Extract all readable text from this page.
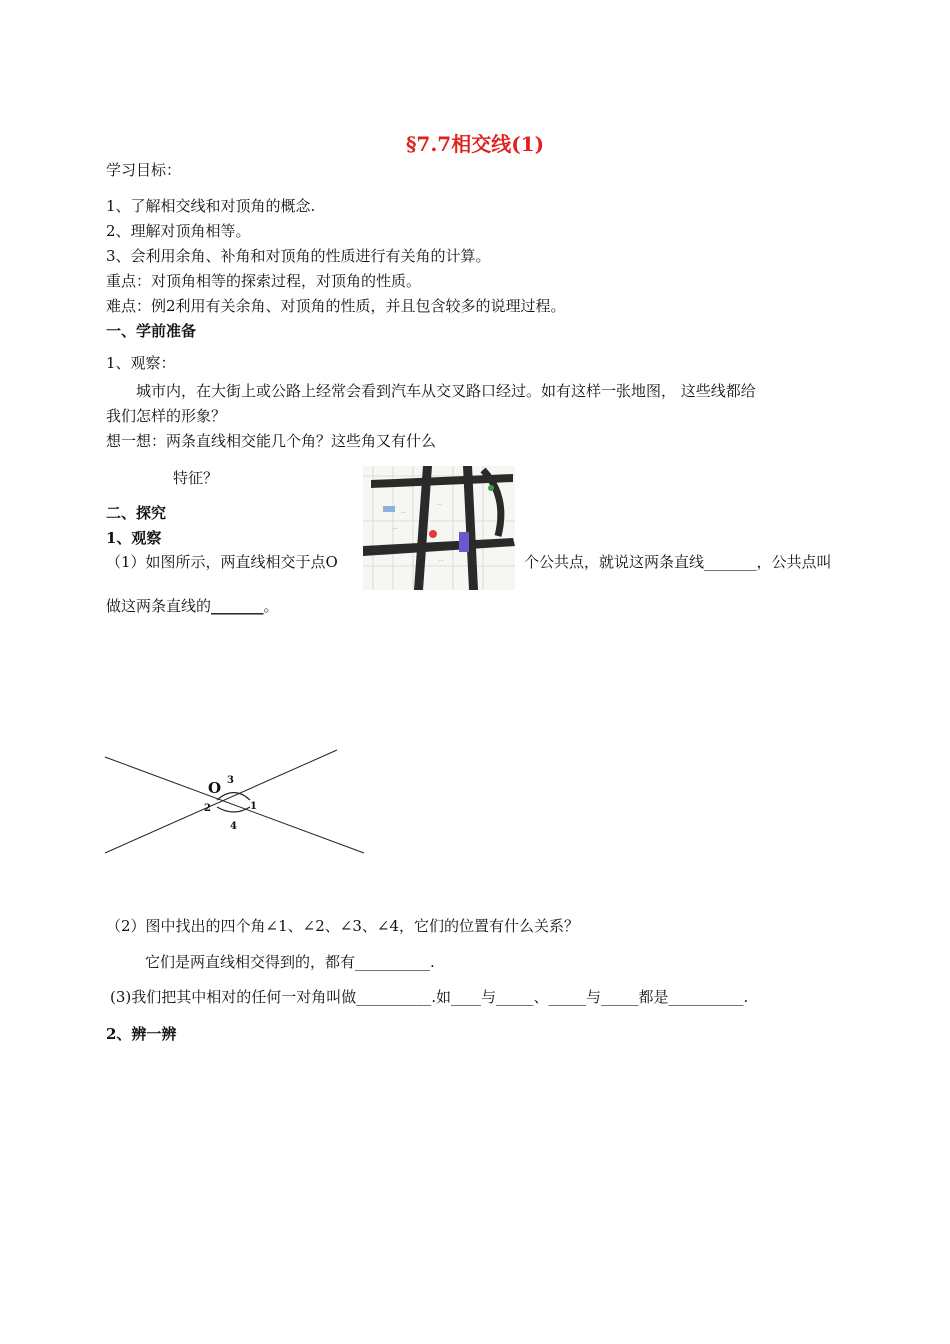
§7.7相交线(1)
学习目标：
1、了解相交线和对顶角的概念.
2、理解对顶角相等。
3、会利用余角、补角和对顶角的性质进行有关角的计算。
重点：对顶角相等的探索过程，对顶角的性质。
难点：例2利用有关余角、对顶角的性质，并且包含较多的说理过程。
一、学前准备
1、观察：
城市内，在大街上或公路上经常会看到汽车从交叉路口经过。如有这样一张地图， 这些线都给
我们怎样的形象？
想一想：两条直线相交能几个角？这些角又有什么
特征？
···
···
···
···
二、探究
1、观察
（1）如图所示，两直线相交于点O	个公共点，就说这两条直线_______，公共点叫
做这两条直线的_______。
O
1
2
3
4
（2）图中找出的四个角∠1、∠2、∠3、∠4，它们的位置有什么关系？
它们是两直线相交得到的，都有__________.
(3)我们把其中相对的任何一对角叫做__________.如____与_____、_____与_____都是__________.
2、辨一辨
